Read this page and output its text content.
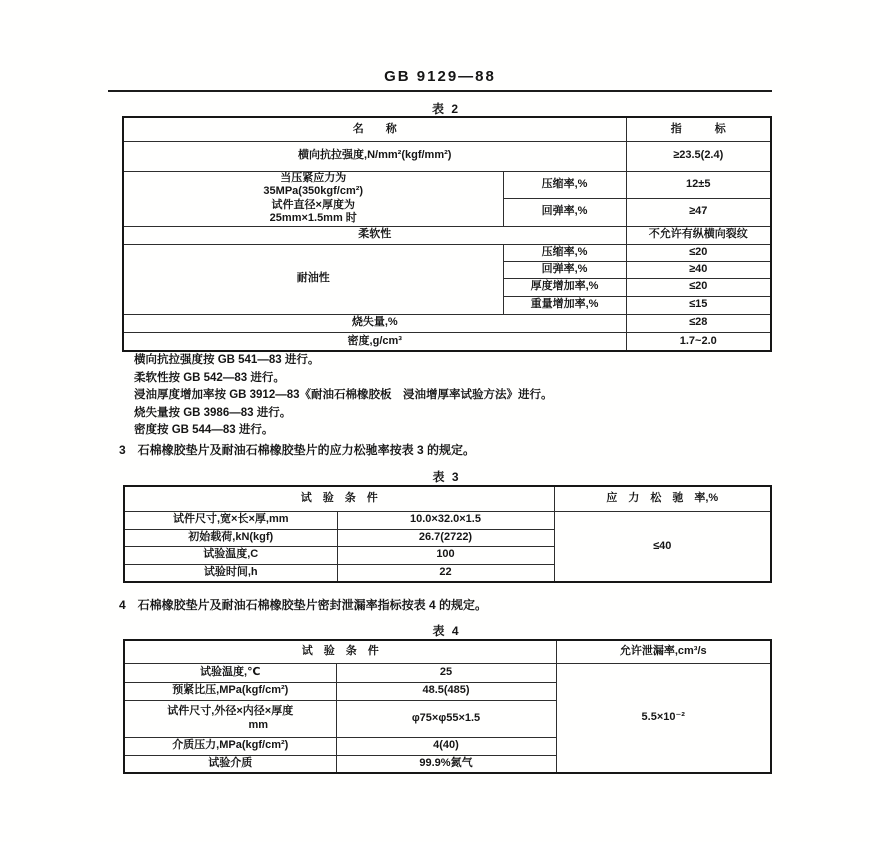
GB 9129—88
表 2
名　　称		指　　　标
横向抗拉强度,N/mm²(kgf/mm²)		≥23.5(2.4)
当压紧应力为
35MPa(350kgf/cm²)
试件直径×厚度为
25mm×1.5mm 时	压缩率,%	12±5
	回弹率,%	≥47
柔软性		不允许有纵横向裂纹
耐油性	压缩率,%	≤20
	回弹率,%	≥40
	厚度增加率,%	≤20
	重量增加率,%	≤15
烧失量,%		≤28
密度,g/cm³		1.7~2.0
横向抗拉强度按 GB 541—83 进行。
柔软性按 GB 542—83 进行。
浸油厚度增加率按 GB 3912—83《耐油石棉橡胶板　浸油增厚率试验方法》进行。
烧失量按 GB 3986—83 进行。
密度按 GB 544—83 进行。
3　石棉橡胶垫片及耐油石棉橡胶垫片的应力松驰率按表 3 的规定。
表 3
试　验　条　件		应　力　松　驰　率,%
试件尺寸,宽×长×厚,mm	10.0×32.0×1.5	≤40
初始载荷,kN(kgf)	26.7(2722)	
试验温度,C	100	
试验时间,h	22	
4　石棉橡胶垫片及耐油石棉橡胶垫片密封泄漏率指标按表 4 的规定。
表 4
试　验　条　件		允许泄漏率,cm³/s
试验温度,℃	25	5.5×10⁻²
预紧比压,MPa(kgf/cm²)	48.5(485)	
试件尺寸,外径×内径×厚度
mm	φ75×φ55×1.5	
介质压力,MPa(kgf/cm²)	4(40)	
试验介质	99.9%氮气	
